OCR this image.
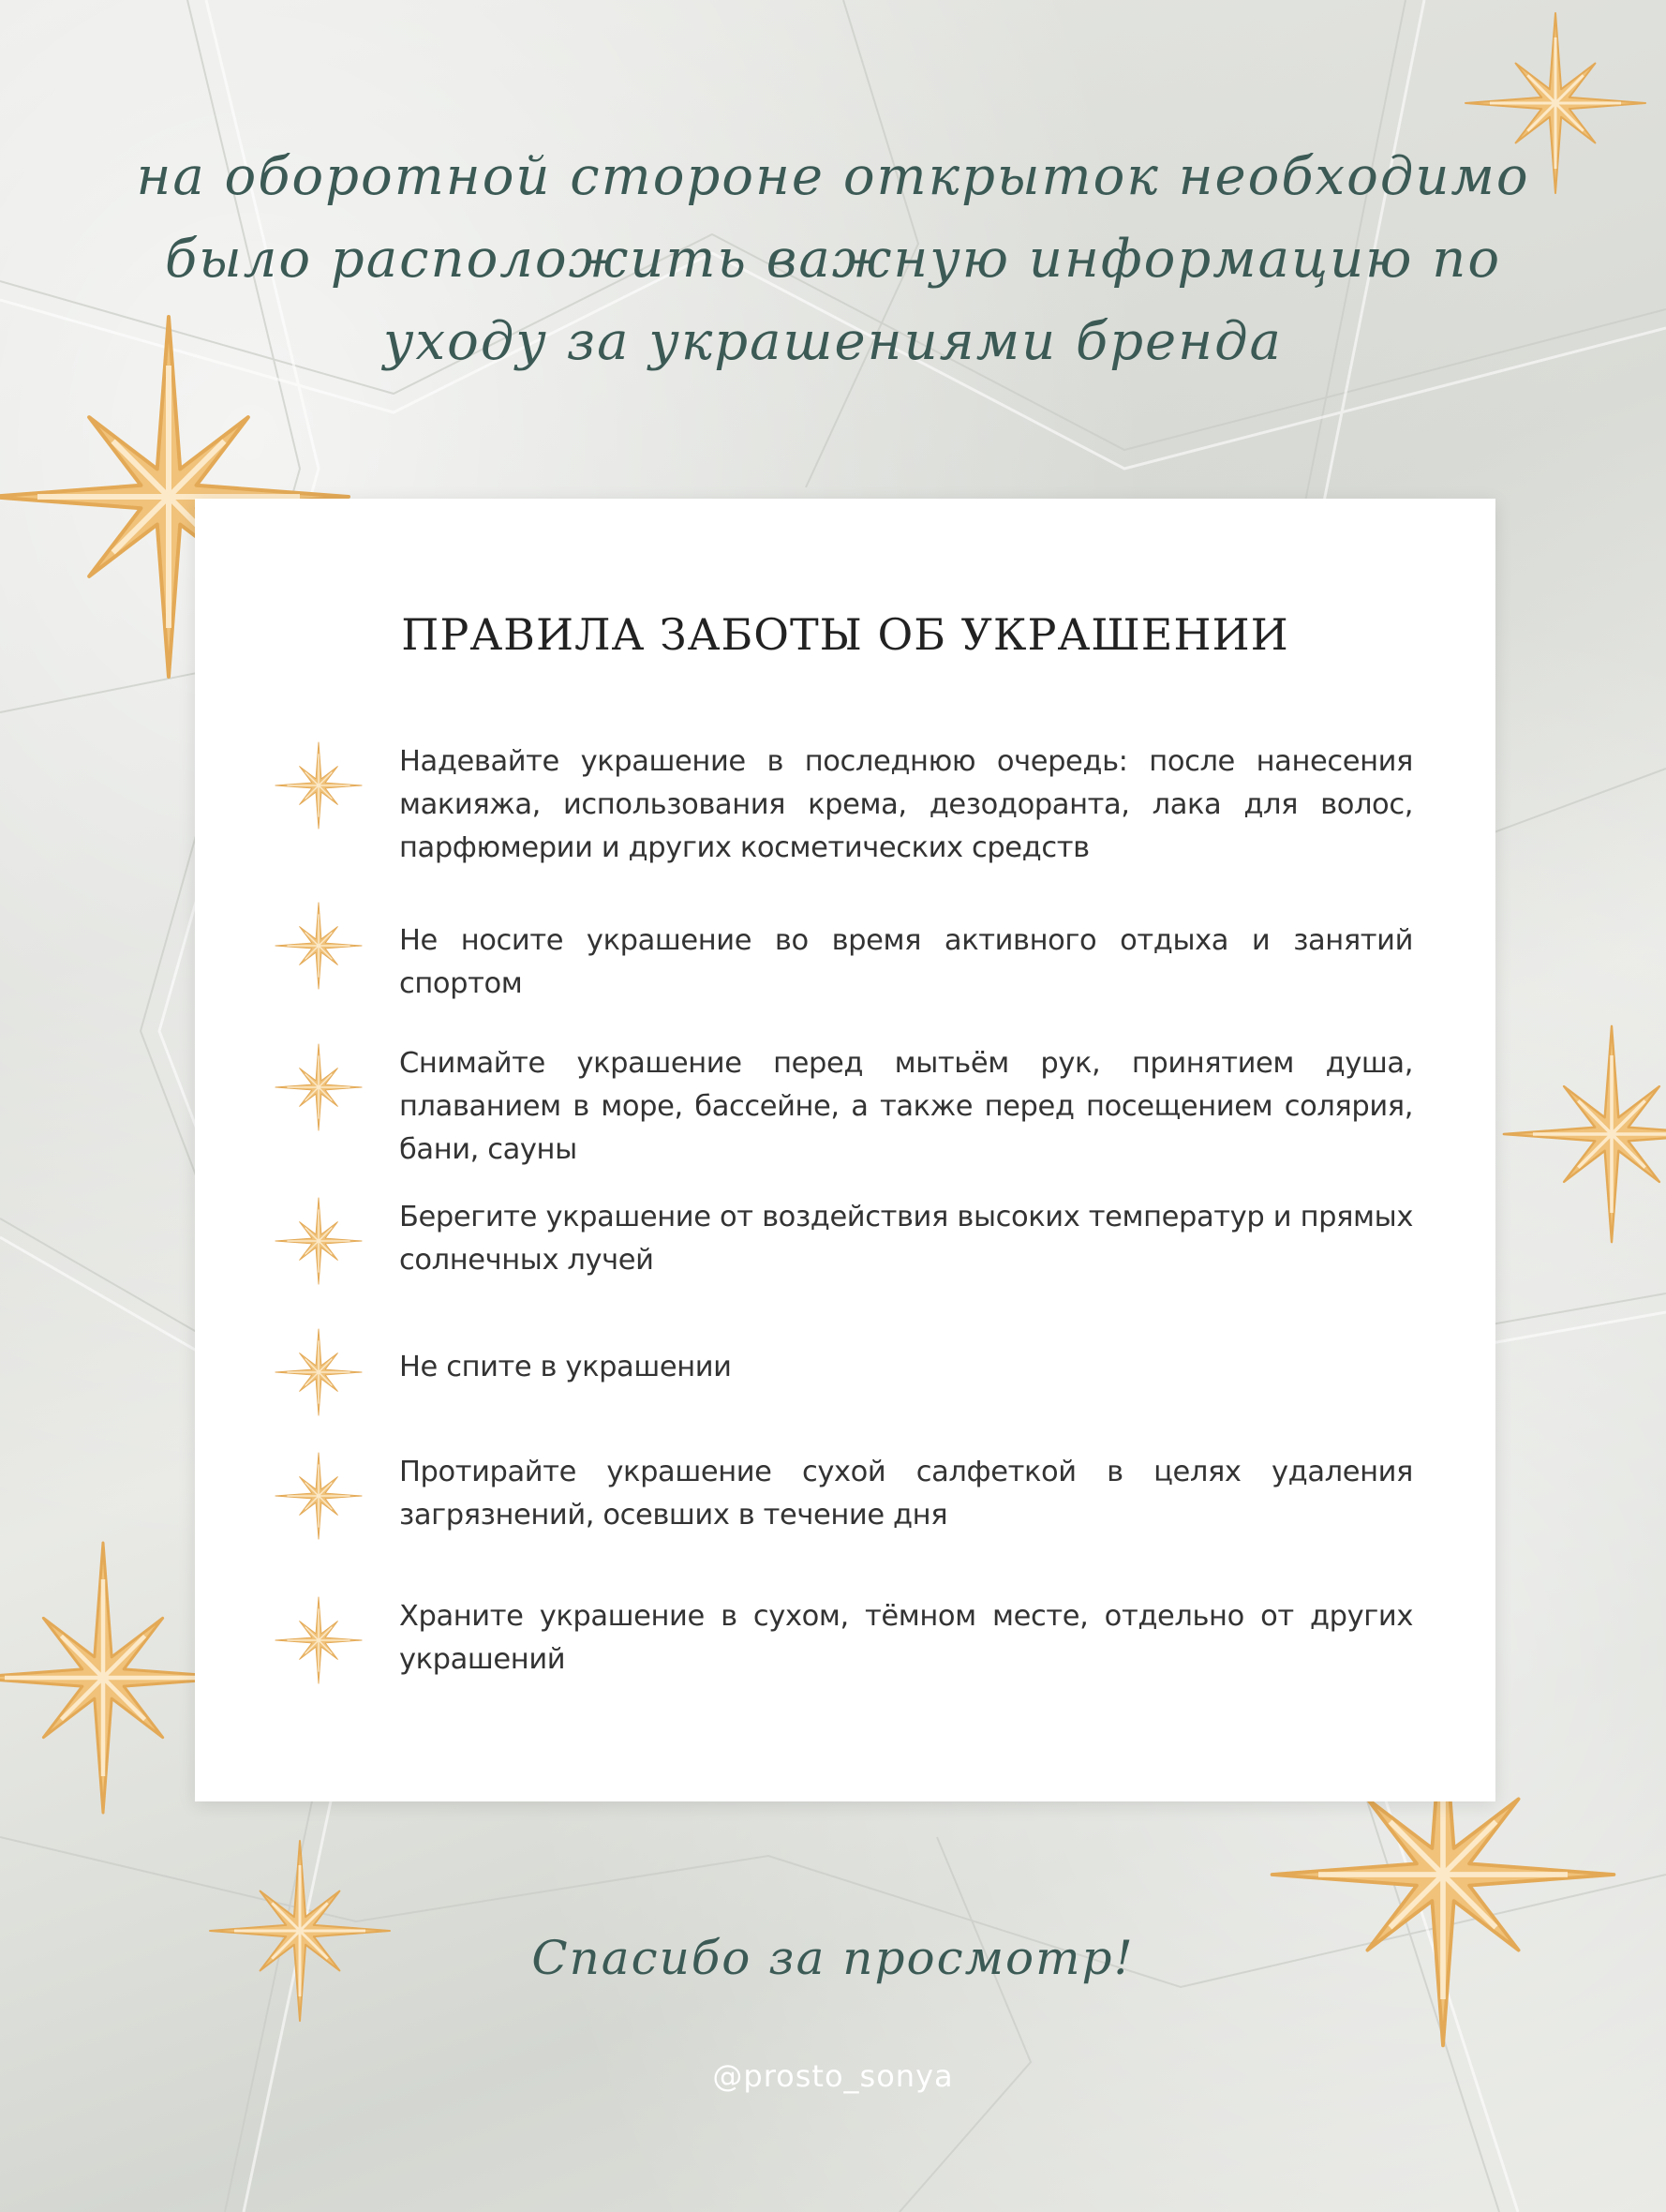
на оборотной стороне открыток необходимо было расположить важную информацию по уходу за украшениями бренда
ПРАВИЛА ЗАБОТЫ ОБ УКРАШЕНИИ
Надевайте украшение в последнюю очередь: после нанесения макияжа, использования крема, дезодоранта, лака для волос, парфюмерии и других косметических средств
Не носите украшение во время активного отдыха и занятий спортом
Снимайте украшение перед мытьём рук, принятием душа, плаванием в море, бассейне, а также перед посещением солярия, бани, сауны
Берегите украшение от воздействия высоких температур и прямых солнечных лучей
Не спите в украшении
Протирайте украшение сухой салфеткой в целях удаления загрязнений, осевших в течение дня
Храните украшение в сухом, тёмном месте, отдельно от других украшений
Спасибо за просмотр!
@prosto_sonya
